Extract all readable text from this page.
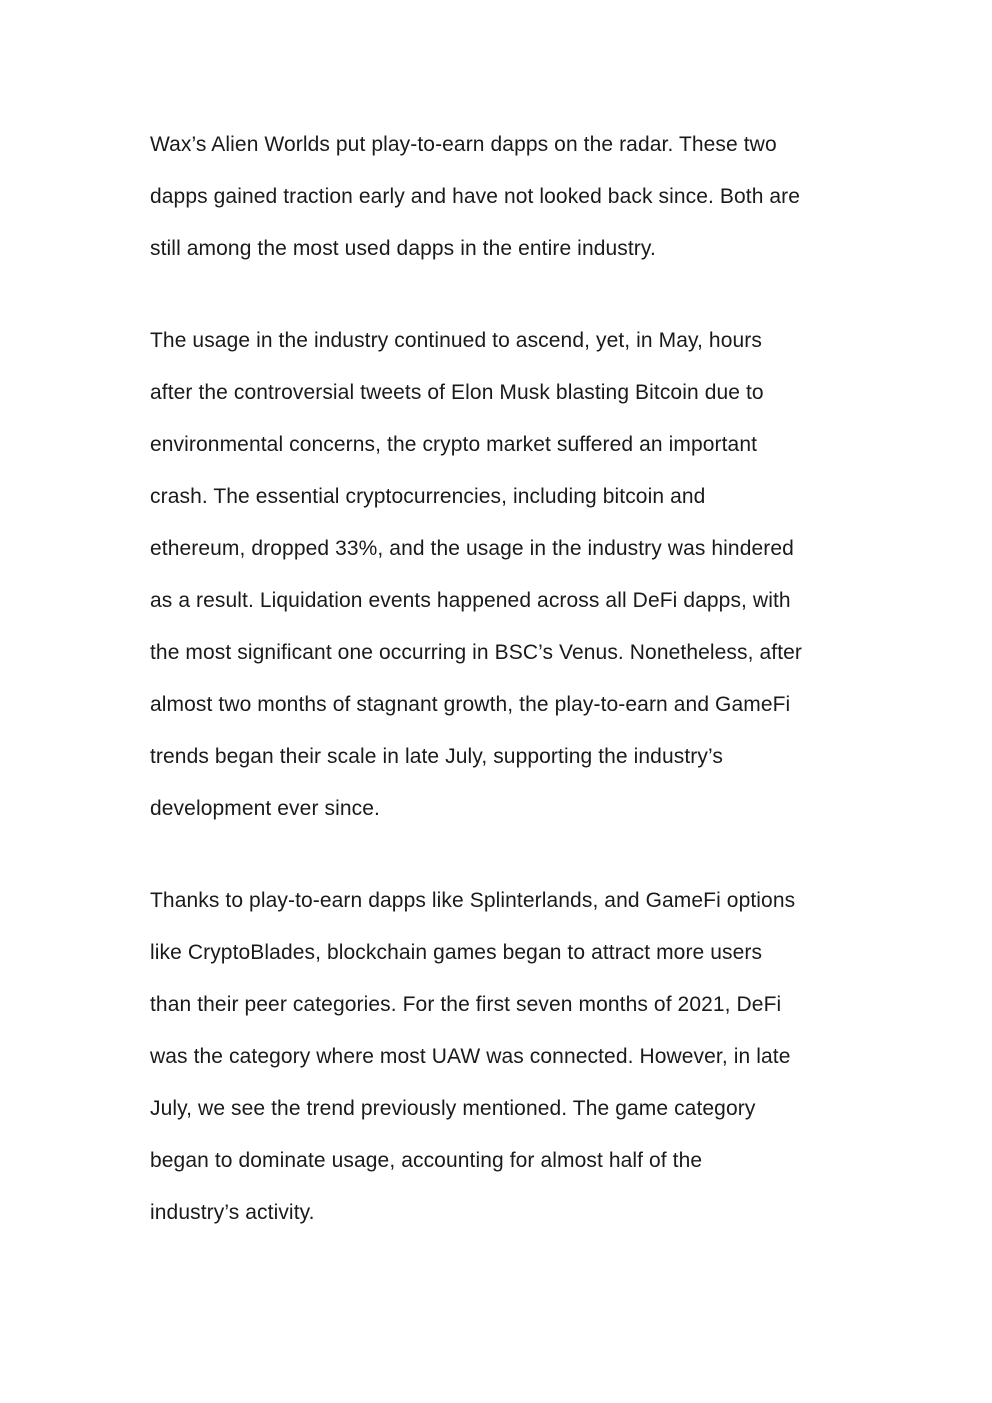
Wax’s Alien Worlds put play-to-earn dapps on the radar. These two
dapps gained traction early and have not looked back since. Both are
still among the most used dapps in the entire industry.

The usage in the industry continued to ascend, yet, in May, hours
after the controversial tweets of Elon Musk blasting Bitcoin due to
environmental concerns, the crypto market suffered an important
crash. The essential cryptocurrencies, including bitcoin and
ethereum, dropped 33%, and the usage in the industry was hindered
as a result. Liquidation events happened across all DeFi dapps, with
the most significant one occurring in BSC’s Venus. Nonetheless, after
almost two months of stagnant growth, the play-to-earn and GameFi
trends began their scale in late July, supporting the industry’s
development ever since.

Thanks to play-to-earn dapps like Splinterlands, and GameFi options
like CryptoBlades, blockchain games began to attract more users
than their peer categories. For the first seven months of 2021, DeFi
was the category where most UAW was connected. However, in late
July, we see the trend previously mentioned. The game category
began to dominate usage, accounting for almost half of the
industry’s activity.
